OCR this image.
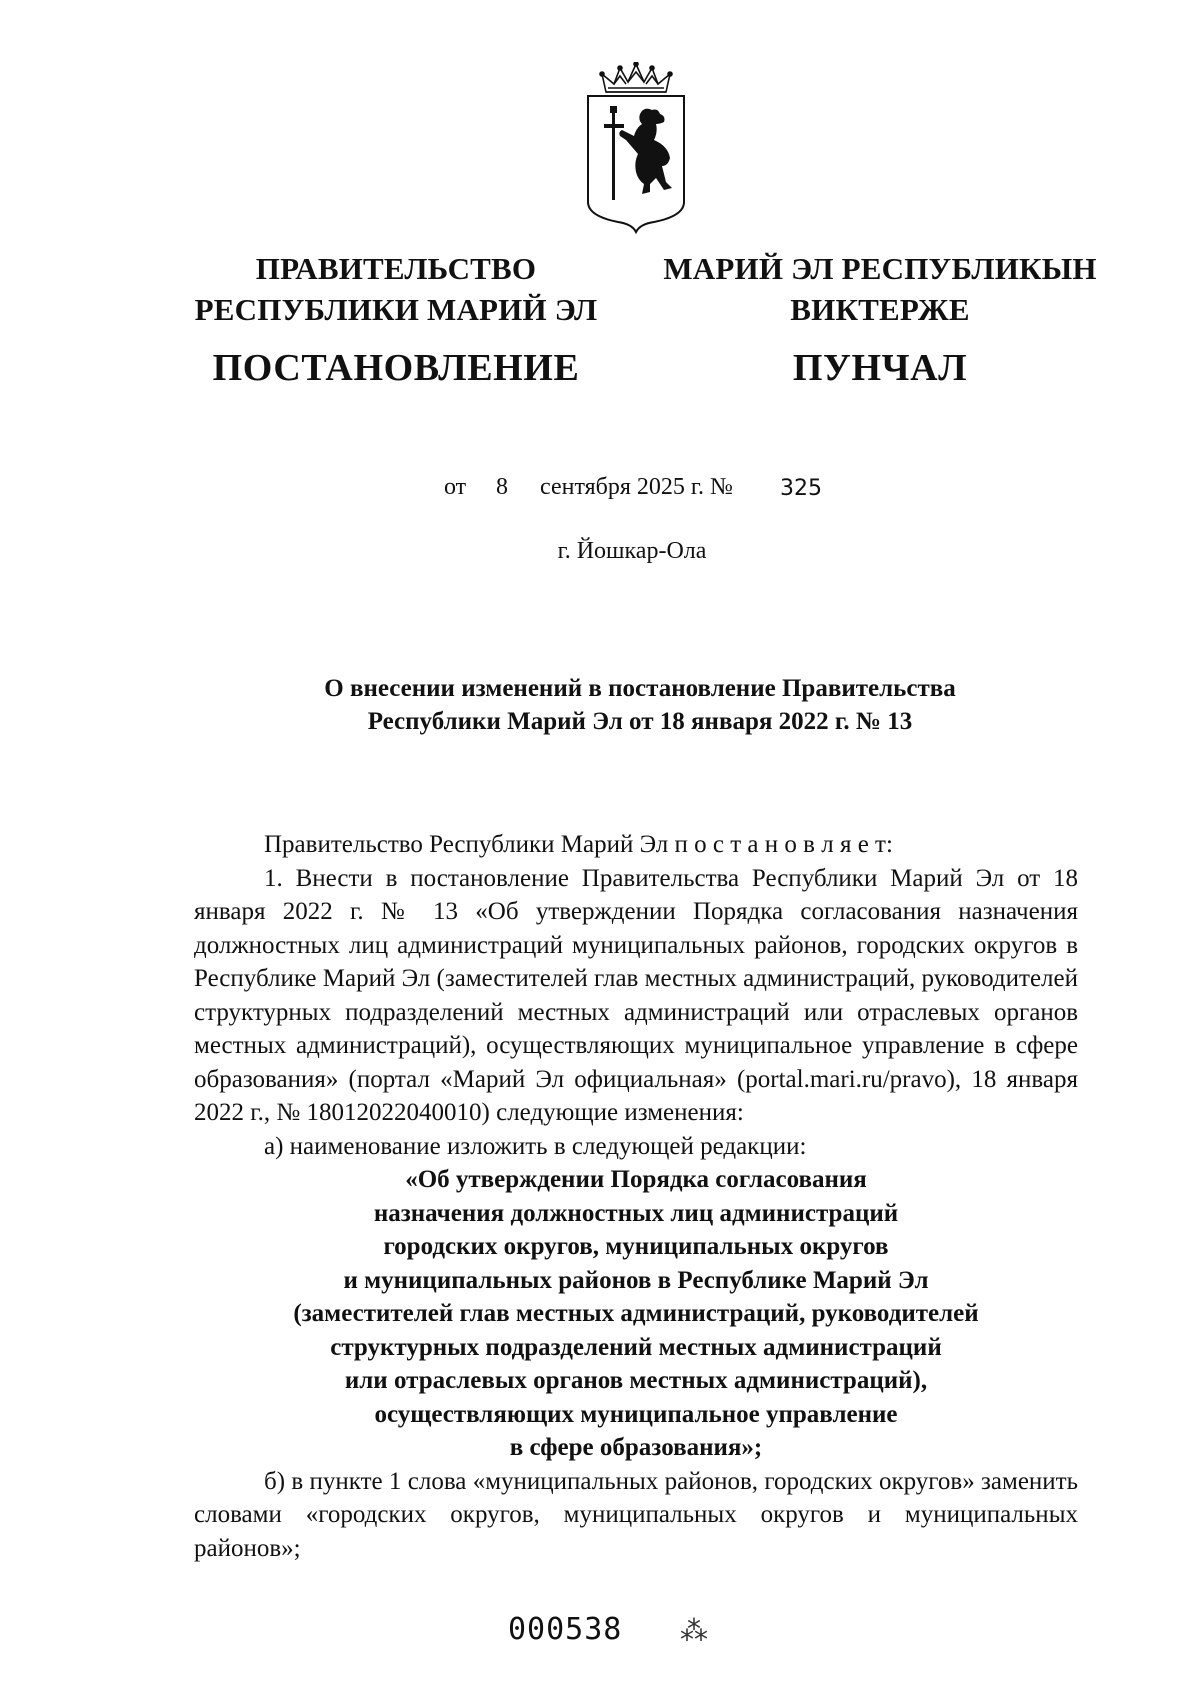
ПРАВИТЕЛЬСТВО
РЕСПУБЛИКИ МАРИЙ ЭЛ
ПОСТАНОВЛЕНИЕ
МАРИЙ ЭЛ РЕСПУБЛИКЫН
ВИКТЕРЖЕ
ПУНЧАЛ
от 8 сентября 2025 г. № 325
г. Йошкар-Ола
О внесении изменений в постановление Правительства
Республики Марий Эл от 18 января 2022 г. № 13

Правительство Республики Марий Эл п о с т а н о в л я е т:

1. Внести в постановление Правительства Республики Марий Эл от 18 января 2022 г. № 13 «Об утверждении Порядка согласования назначения должностных лиц администраций муниципальных районов, городских округов в Республике Марий Эл (заместителей глав местных администраций, руководителей структурных подразделений местных администраций или отраслевых органов местных администраций), осуществляющих муниципальное управление в сфере образования» (портал «Марий Эл официальная» (portal.mari.ru/pravo), 18 января 2022 г., № 18012022040010) следующие изменения:

а) наименование изложить в следующей редакции:

«Об утверждении Порядка согласования
назначения должностных лиц администраций
городских округов, муниципальных округов
и муниципальных районов в Республике Марий Эл
(заместителей глав местных администраций, руководителей
структурных подразделений местных администраций
или отраслевых органов местных администраций),
осуществляющих муниципальное управление
в сфере образования»;

б) в пункте 1 слова «муниципальных районов, городских округов» заменить словами «городских округов, муниципальных округов и муниципальных районов»;

000538 ⁂
